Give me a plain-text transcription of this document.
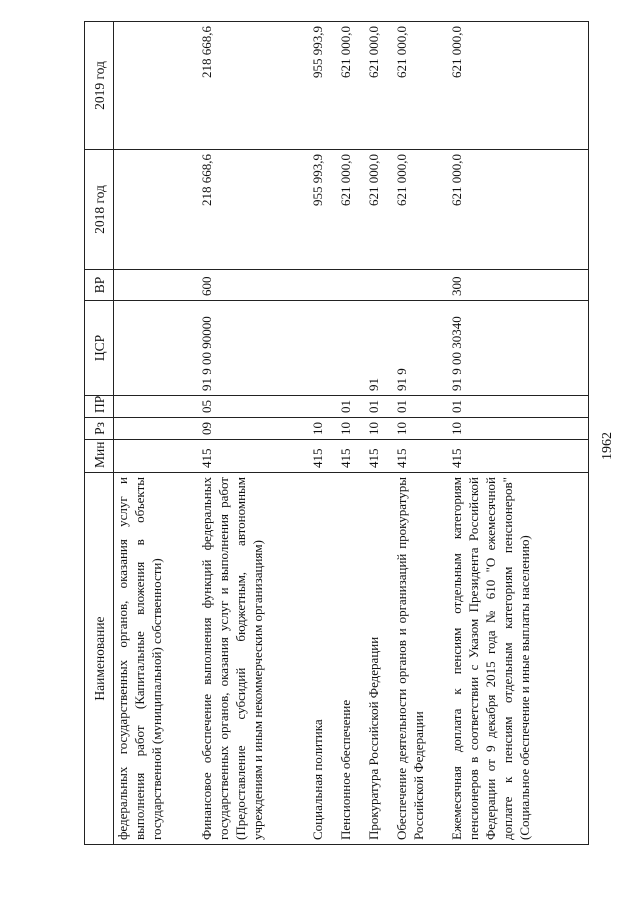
1962
Наименование	Мин	Рз	ПР	ЦСР	ВР	2018 год	2019 год
федеральных государственных органов, оказания услуг и выполнения работ (Капитальные вложения в объекты государственной (муниципальной) собственности)							
Финансовое обеспечение выполнения функций федеральных государственных органов, оказания услуг и выполнения работ (Предоставление субсидий бюджетным, автономным учреждениям и иным некоммерческим организациям)	415	09	05	91 9 00 90000	600	218 668,6	218 668,6
Социальная политика	415	10				955 993,9	955 993,9
Пенсионное обеспечение	415	10	01			621 000,0	621 000,0
Прокуратура Российской Федерации	415	10	01	91		621 000,0	621 000,0
Обеспечение деятельности органов и организаций прокуратуры Российской Федерации	415	10	01	91 9		621 000,0	621 000,0
Ежемесячная доплата к пенсиям отдельным категориям пенсионеров в соответствии с Указом Президента Российской Федерации от 9 декабря 2015 года № 610 "О ежемесячной доплате к пенсиям отдельным категориям пенсионеров" (Социальное обеспечение и иные выплаты населению)	415	10	01	91 9 00 30340	300	621 000,0	621 000,0
